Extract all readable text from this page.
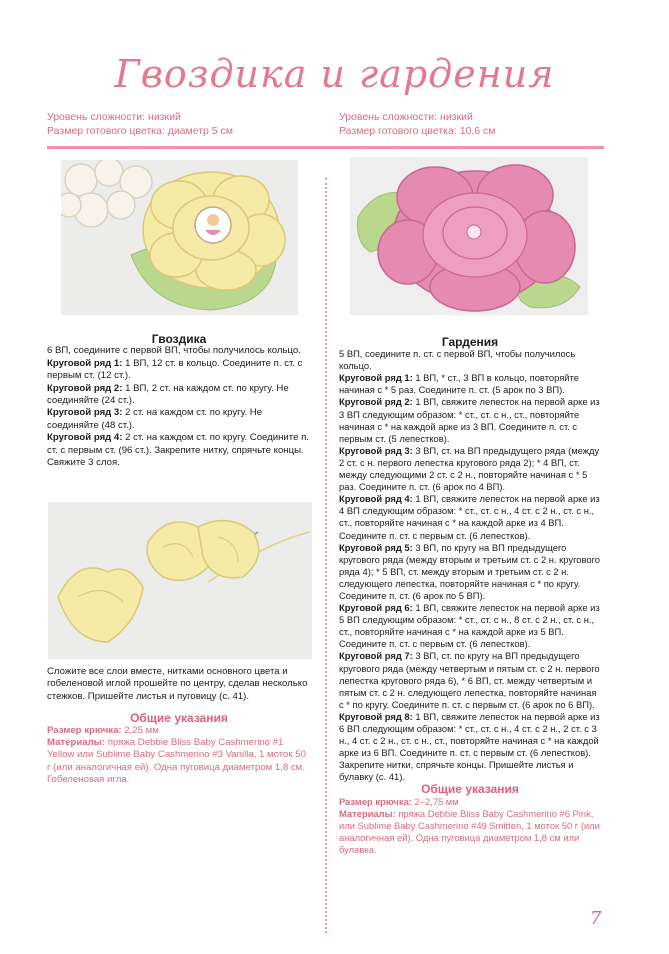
Гвоздика и гардения
Уровень сложности: низкий
Размер готового цветка: диаметр 5 см
Уровень сложности: низкий
Размер готового цветка: 10,6 см

Гвоздика

6 ВП, соедините с первой ВП, чтобы получилось кольцо.

Круговой ряд 1: 1 ВП, 12 ст. в кольцо. Соедините п. ст. с первым ст. (12 ст.).

Круговой ряд 2: 1 ВП, 2 ст. на каждом ст. по кругу. Не соединяйте (24 ст.).

Круговой ряд 3: 2 ст. на каждом ст. по кругу. Не соединяйте (48 ст.).

Круговой ряд 4: 2 ст. на каждом ст. по кругу. Соедините п. ст. с первым ст. (96 ст.). Закрепите нитку, спрячьте концы. Свяжите 3 слоя.

Сложите все слои вместе, нитками основного цвета и гобеленовой иглой прошейте по центру, сделав несколько стежков. Пришейте листья и пуговицу (с. 41).

Общие указания

Размер крючка: 2,25 мм

Материалы: пряжа Debbie Bliss Baby Cashmerino #1 Yellow или Sublime Baby Cashmerino #3 Vanilla, 1 моток 50 г (или аналогичная ей). Одна пуговица диаметром 1,8 см. Гобеленовая игла.

Гардения

5 ВП, соедините п. ст. с первой ВП, чтобы получилось кольцо.

Круговой ряд 1: 1 ВП, * ст., 3 ВП в кольцо, повторяйте начиная с * 5 раз. Соедините п. ст. (5 арок по 3 ВП).

Круговой ряд 2: 1 ВП, свяжите лепесток на первой арке из 3 ВП следующим образом: * ст., ст. с н., ст., повторяйте начиная с * на каждой арке из 3 ВП. Соедините п. ст. с первым ст. (5 лепестков).

Круговой ряд 3: 3 ВП, ст. на ВП предыдущего ряда (между 2 ст. с н. первого лепестка кругового ряда 2); * 4 ВП, ст. между следующими 2 ст. с 2 н., повторяйте начиная с * 5 раз. Соедините п. ст. (6 арок по 4 ВП).

Круговой ряд 4: 1 ВП, свяжите лепесток на первой арке из 4 ВП следующим образом: * ст., ст. с н., 4 ст. с 2 н., ст. с н., ст., повторяйте начиная с * на каждой арке из 4 ВП. Соедините п. ст. с первым ст. (6 лепестков).

Круговой ряд 5: 3 ВП, по кругу на ВП предыдущего кругового ряда (между вторым и третьим ст. с 2 н. кругового ряда 4); * 5 ВП, ст. между вторым и третьим ст. с 2 н. следующего лепестка, повторяйте начиная с * по кругу. Соедините п. ст. (6 арок по 5 ВП).

Круговой ряд 6: 1 ВП, свяжите лепесток на первой арке из 5 ВП следующим образом: * ст., ст. с н., 8 ст. с 2 н., ст. с н., ст., повторяйте начиная с * на каждой арке из 5 ВП. Соедините п. ст. с первым ст. (6 лепестков).

Круговой ряд 7: 3 ВП, ст. по кругу на ВП предыдущего кругового ряда (между четвертым и пятым ст. с 2 н. первого лепестка кругового ряда 6), * 6 ВП, ст. между четвертым и пятым ст. с 2 н. следующего лепестка, повторяйте начиная с * по кругу. Соедините п. ст. с первым ст. (6 арок по 6 ВП).

Круговой ряд 8: 1 ВП, свяжите лепесток на первой арке из 6 ВП следующим образом: * ст., ст. с н., 4 ст. с 2 н., 2 ст. с 3 н., 4 ст. с 2 н., ст. с н., ст., повторяйте начиная с * на каждой арке из 6 ВП. Соедините п. ст. с первым ст. (6 лепестков). Закрепите нитки, спрячьте концы. Пришейте листья и булавку (с. 41).

Общие указания

Размер крючка: 2–2,75 мм

Материалы: пряжа Debbie Bliss Baby Cashmerino #6 Pink, или Sublime Baby Cashmerino #49 Smitten, 1 моток 50 г (или аналогичная ей). Одна пуговица диаметром 1,8 см или булавка.

7
